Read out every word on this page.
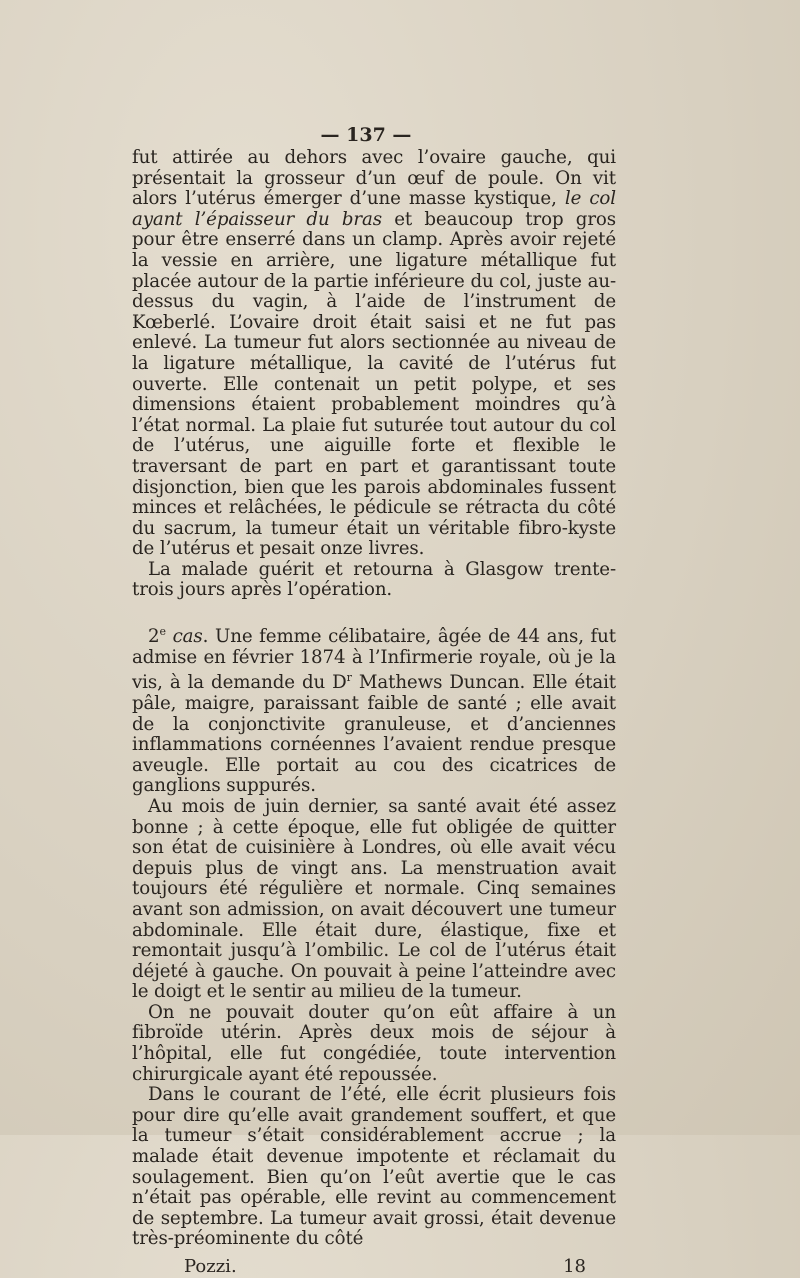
— 137 —

fut attirée au dehors avec l’ovaire gauche, qui présentait la grosseur d’un œuf de poule. On vit alors l’utérus émerger d’une masse kystique, le col ayant l’épaisseur du bras et beaucoup trop gros pour être enserré dans un clamp. Après avoir rejeté la vessie en arrière, une ligature métallique fut placée autour de la partie inférieure du col, juste au-dessus du vagin, à l’aide de l’instrument de Kœberlé. L’ovaire droit était saisi et ne fut pas enlevé. La tumeur fut alors sectionnée au niveau de la ligature métallique, la cavité de l’utérus fut ouverte. Elle contenait un petit polype, et ses dimensions étaient probablement moindres qu’à l’état normal. La plaie fut suturée tout autour du col de l’utérus, une aiguille forte et flexible le traversant de part en part et garantissant toute disjonction, bien que les parois abdominales fussent minces et relâchées, le pédicule se rétracta du côté du sacrum, la tumeur était un véritable fibro-kyste de l’utérus et pesait onze livres.

La malade guérit et retourna à Glasgow trente-trois jours après l’opération.

2e cas. Une femme célibataire, âgée de 44 ans, fut admise en février 1874 à l’Infirmerie royale, où je la vis, à la demande du $D^r$ Mathews Duncan. Elle était pâle, maigre, paraissant faible de santé ; elle avait de la conjonctivite granuleuse, et d’anciennes inflammations cornéennes l’avaient rendue presque aveugle. Elle portait au cou des cicatrices de ganglions suppurés.

Au mois de juin dernier, sa santé avait été assez bonne ; à cette époque, elle fut obligée de quitter son état de cuisinière à Londres, où elle avait vécu depuis plus de vingt ans. La menstruation avait toujours été régulière et normale. Cinq semaines avant son admission, on avait découvert une tumeur abdominale. Elle était dure, élastique, fixe et remontait jusqu’à l’ombilic. Le col de l’utérus était déjeté à gauche. On pouvait à peine l’atteindre avec le doigt et le sentir au milieu de la tumeur.

On ne pouvait douter qu’on eût affaire à un fibroïde utérin. Après deux mois de séjour à l’hôpital, elle fut congédiée, toute intervention chirurgicale ayant été repoussée.

Dans le courant de l’été, elle écrit plusieurs fois pour dire qu’elle avait grandement souffert, et que la tumeur s’était considérablement accrue ; la malade était devenue impotente et réclamait du soulagement. Bien qu’on l’eût avertie que le cas n’était pas opérable, elle revint au commencement de septembre. La tumeur avait grossi, était devenue très-préominente du côté

Pozzi.	18
